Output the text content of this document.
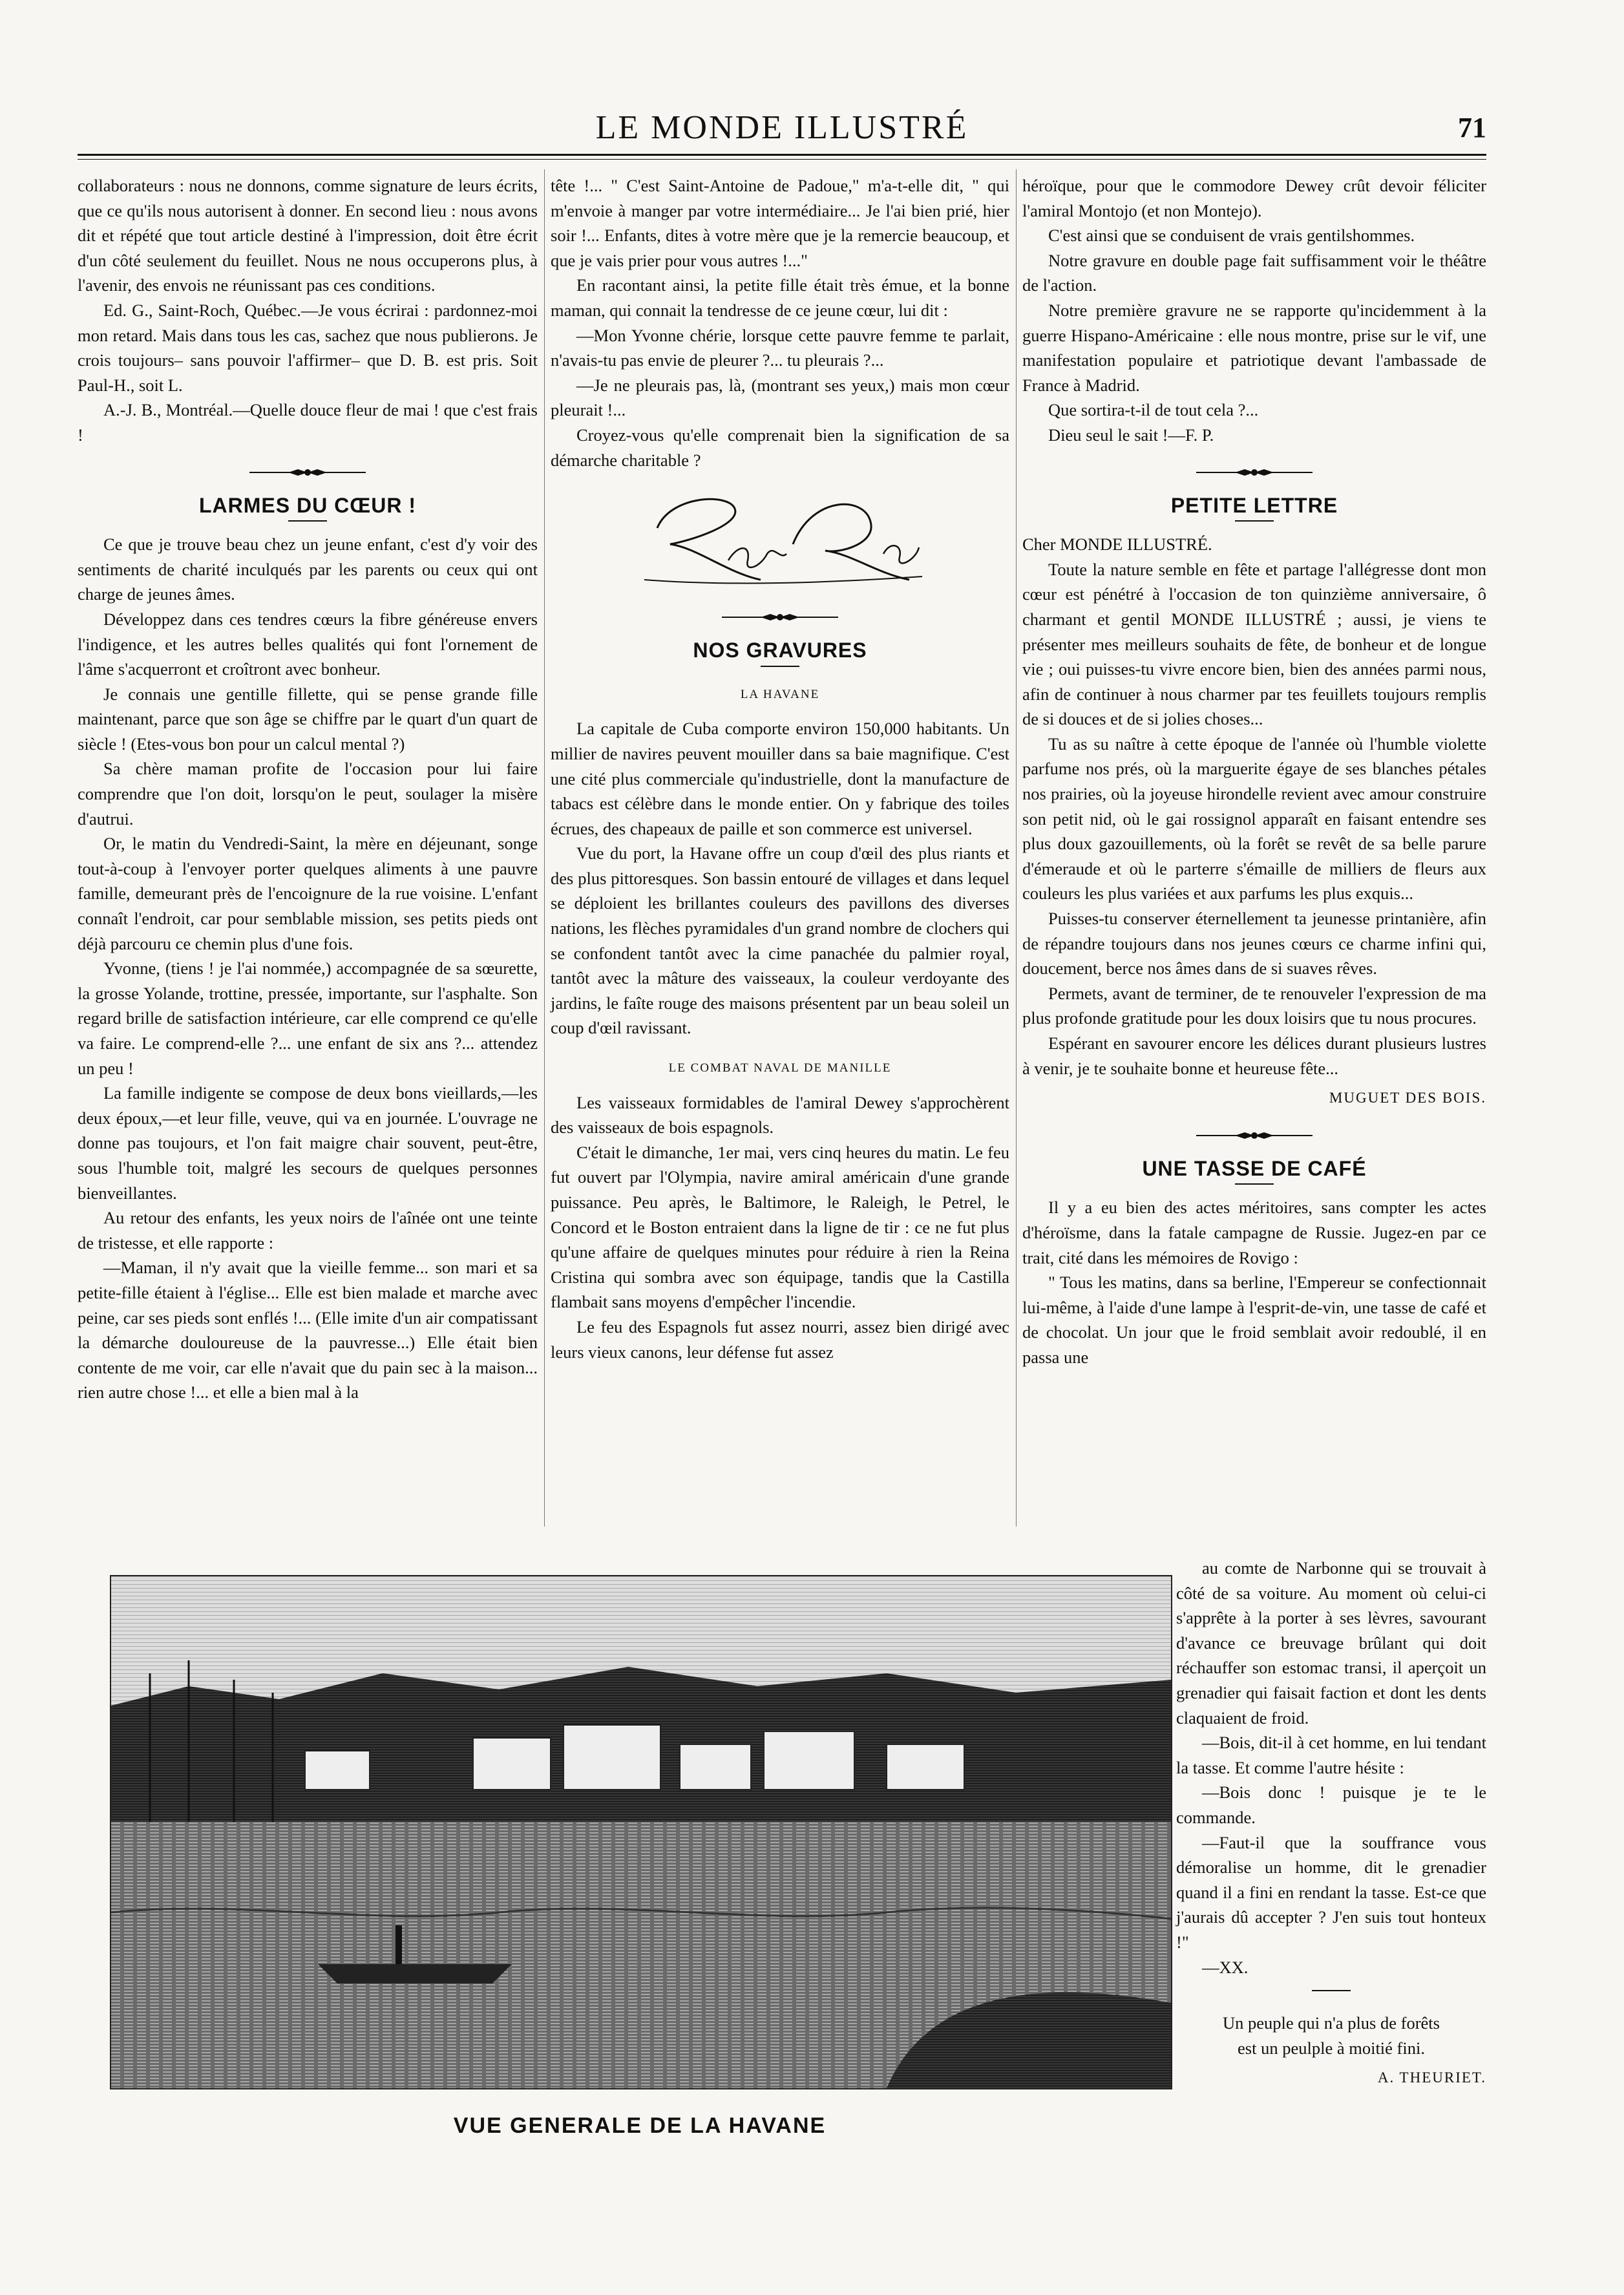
LE MONDE ILLUSTRÉ	71

collaborateurs : nous ne donnons, comme signature de leurs écrits, que ce qu'ils nous autorisent à donner. En second lieu : nous avons dit et répété que tout article destiné à l'impression, doit être écrit d'un côté seulement du feuillet. Nous ne nous occuperons plus, à l'avenir, des envois ne réunissant pas ces conditions.

Ed. G., Saint-Roch, Québec.—Je vous écrirai : pardonnez-moi mon retard. Mais dans tous les cas, sachez que nous publierons. Je crois toujours– sans pouvoir l'affirmer– que D. B. est pris. Soit Paul-H., soit L.

A.-J. B., Montréal.—Quelle douce fleur de mai ! que c'est frais !

LARMES DU CŒUR !

Ce que je trouve beau chez un jeune enfant, c'est d'y voir des sentiments de charité inculqués par les parents ou ceux qui ont charge de jeunes âmes.

Développez dans ces tendres cœurs la fibre généreuse envers l'indigence, et les autres belles qualités qui font l'ornement de l'âme s'acquerront et croîtront avec bonheur.

Je connais une gentille fillette, qui se pense grande fille maintenant, parce que son âge se chiffre par le quart d'un quart de siècle ! (Etes-vous bon pour un calcul mental ?)

Sa chère maman profite de l'occasion pour lui faire comprendre que l'on doit, lorsqu'on le peut, soulager la misère d'autrui.

Or, le matin du Vendredi-Saint, la mère en déjeunant, songe tout-à-coup à l'envoyer porter quelques aliments à une pauvre famille, demeurant près de l'encoignure de la rue voisine. L'enfant connaît l'endroit, car pour semblable mission, ses petits pieds ont déjà parcouru ce chemin plus d'une fois.

Yvonne, (tiens ! je l'ai nommée,) accompagnée de sa sœurette, la grosse Yolande, trottine, pressée, importante, sur l'asphalte. Son regard brille de satisfaction intérieure, car elle comprend ce qu'elle va faire. Le comprend-elle ?... une enfant de six ans ?... attendez un peu !

La famille indigente se compose de deux bons vieillards,—les deux époux,—et leur fille, veuve, qui va en journée. L'ouvrage ne donne pas toujours, et l'on fait maigre chair souvent, peut-être, sous l'humble toit, malgré les secours de quelques personnes bienveillantes.

Au retour des enfants, les yeux noirs de l'aînée ont une teinte de tristesse, et elle rapporte :

—Maman, il n'y avait que la vieille femme... son mari et sa petite-fille étaient à l'église... Elle est bien malade et marche avec peine, car ses pieds sont enflés !... (Elle imite d'un air compatissant la démarche douloureuse de la pauvresse...) Elle était bien contente de me voir, car elle n'avait que du pain sec à la maison... rien autre chose !... et elle a bien mal à la

tête !... " C'est Saint-Antoine de Padoue," m'a-t-elle dit, " qui m'envoie à manger par votre intermédiaire... Je l'ai bien prié, hier soir !... Enfants, dites à votre mère que je la remercie beaucoup, et que je vais prier pour vous autres !..."

En racontant ainsi, la petite fille était très émue, et la bonne maman, qui connait la tendresse de ce jeune cœur, lui dit :

—Mon Yvonne chérie, lorsque cette pauvre femme te parlait, n'avais-tu pas envie de pleurer ?... tu pleurais ?...

—Je ne pleurais pas, là, (montrant ses yeux,) mais mon cœur pleurait !...

Croyez-vous qu'elle comprenait bien la signification de sa démarche charitable ?

NOS GRAVURES
LA HAVANE

La capitale de Cuba comporte environ 150,000 habitants. Un millier de navires peuvent mouiller dans sa baie magnifique. C'est une cité plus commerciale qu'industrielle, dont la manufacture de tabacs est célèbre dans le monde entier. On y fabrique des toiles écrues, des chapeaux de paille et son commerce est universel.

Vue du port, la Havane offre un coup d'œil des plus riants et des plus pittoresques. Son bassin entouré de villages et dans lequel se déploient les brillantes couleurs des pavillons des diverses nations, les flèches pyramidales d'un grand nombre de clochers qui se confondent tantôt avec la cime panachée du palmier royal, tantôt avec la mâture des vaisseaux, la couleur verdoyante des jardins, le faîte rouge des maisons présentent par un beau soleil un coup d'œil ravissant.

LE COMBAT NAVAL DE MANILLE

Les vaisseaux formidables de l'amiral Dewey s'approchèrent des vaisseaux de bois espagnols.

C'était le dimanche, 1er mai, vers cinq heures du matin. Le feu fut ouvert par l'Olympia, navire amiral américain d'une grande puissance. Peu après, le Baltimore, le Raleigh, le Petrel, le Concord et le Boston entraient dans la ligne de tir : ce ne fut plus qu'une affaire de quelques minutes pour réduire à rien la Reina Cristina qui sombra avec son équipage, tandis que la Castilla flambait sans moyens d'empêcher l'incendie.

Le feu des Espagnols fut assez nourri, assez bien dirigé avec leurs vieux canons, leur défense fut assez

héroïque, pour que le commodore Dewey crût devoir féliciter l'amiral Montojo (et non Montejo).

C'est ainsi que se conduisent de vrais gentilshommes.

Notre gravure en double page fait suffisamment voir le théâtre de l'action.

Notre première gravure ne se rapporte qu'incidemment à la guerre Hispano-Américaine : elle nous montre, prise sur le vif, une manifestation populaire et patriotique devant l'ambassade de France à Madrid.

Que sortira-t-il de tout cela ?...

Dieu seul le sait !—F. P.

PETITE LETTRE

Cher MONDE ILLUSTRÉ.

Toute la nature semble en fête et partage l'allégresse dont mon cœur est pénétré à l'occasion de ton quinzième anniversaire, ô charmant et gentil MONDE ILLUSTRÉ ; aussi, je viens te présenter mes meilleurs souhaits de fête, de bonheur et de longue vie ; oui puisses-tu vivre encore bien, bien des années parmi nous, afin de continuer à nous charmer par tes feuillets toujours remplis de si douces et de si jolies choses...

Tu as su naître à cette époque de l'année où l'humble violette parfume nos prés, où la marguerite égaye de ses blanches pétales nos prairies, où la joyeuse hirondelle revient avec amour construire son petit nid, où le gai rossignol apparaît en faisant entendre ses plus doux gazouillements, où la forêt se revêt de sa belle parure d'émeraude et où le parterre s'émaille de milliers de fleurs aux couleurs les plus variées et aux parfums les plus exquis...

Puisses-tu conserver éternellement ta jeunesse printanière, afin de répandre toujours dans nos jeunes cœurs ce charme infini qui, doucement, berce nos âmes dans de si suaves rêves.

Permets, avant de terminer, de te renouveler l'expression de ma plus profonde gratitude pour les doux loisirs que tu nous procures.

Espérant en savourer encore les délices durant plusieurs lustres à venir, je te souhaite bonne et heureuse fête...

MUGUET DES BOIS.
UNE TASSE DE CAFÉ

Il y a eu bien des actes méritoires, sans compter les actes d'héroïsme, dans la fatale campagne de Russie. Jugez-en par ce trait, cité dans les mémoires de Rovigo :

" Tous les matins, dans sa berline, l'Empereur se confectionnait lui-même, à l'aide d'une lampe à l'esprit-de-vin, une tasse de café et de chocolat. Un jour que le froid semblait avoir redoublé, il en passa une

VUE GENERALE DE LA HAVANE

au comte de Narbonne qui se trouvait à côté de sa voiture. Au moment où celui-ci s'apprête à la porter à ses lèvres, savourant d'avance ce breuvage brûlant qui doit réchauffer son estomac transi, il aperçoit un grenadier qui faisait faction et dont les dents claquaient de froid.

—Bois, dit-il à cet homme, en lui tendant la tasse. Et comme l'autre hésite :

—Bois donc ! puisque je te le commande.

—Faut-il que la souffrance vous démoralise un homme, dit le grenadier quand il a fini en rendant la tasse. Est-ce que j'aurais dû accepter ? J'en suis tout honteux !"

—XX.

Un peuple qui n'a plus de forêts

est un peulple à moitié fini.

A. THEURIET.
